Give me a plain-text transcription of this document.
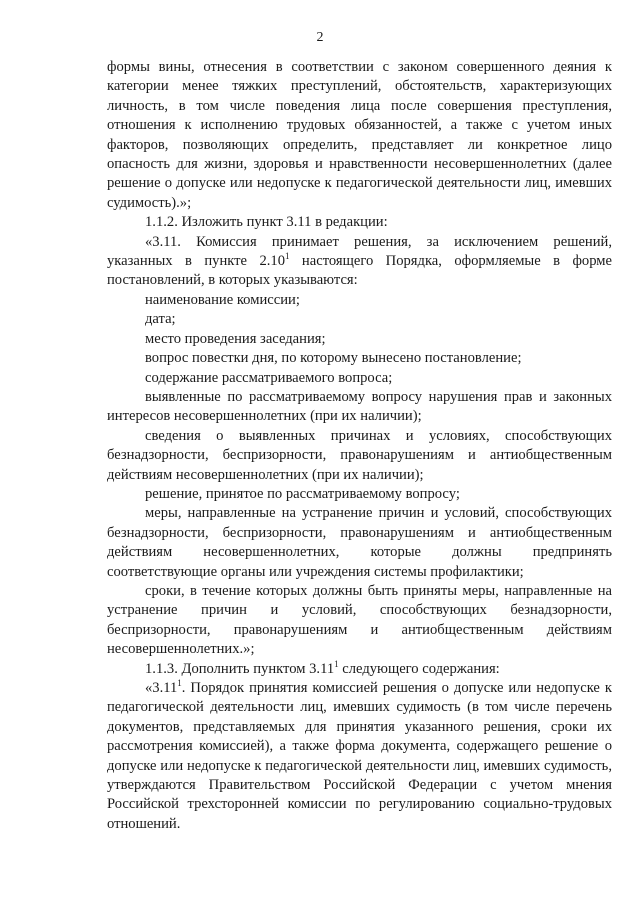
2

формы вины, отнесения в соответствии с законом совершенного деяния к категории менее тяжких преступлений, обстоятельств, характеризующих личность, в том числе поведения лица после совершения преступления, отношения к исполнению трудовых обязанностей, а также с учетом иных факторов, позволяющих определить, представляет ли конкретное лицо опасность для жизни, здоровья и нравственности несовершеннолетних (далее решение о допуске или недопуске к педагогической деятельности лиц, имевших судимость).»;

1.1.2. Изложить пункт 3.11 в редакции:

«3.11. Комиссия принимает решения, за исключением решений, указанных в пункте 2.10$^1$ настоящего Порядка, оформляемые в форме постановлений, в которых указываются:

наименование комиссии;

дата;

место проведения заседания;

вопрос повестки дня, по которому вынесено постановление;

содержание рассматриваемого вопроса;

выявленные по рассматриваемому вопросу нарушения прав и законных интересов несовершеннолетних (при их наличии);

сведения о выявленных причинах и условиях, способствующих безнадзорности, беспризорности, правонарушениям и антиобщественным действиям несовершеннолетних (при их наличии);

решение, принятое по рассматриваемому вопросу;

меры, направленные на устранение причин и условий, способствующих безнадзорности, беспризорности, правонарушениям и антиобщественным действиям несовершеннолетних, которые должны предпринять соответствующие органы или учреждения системы профилактики;

сроки, в течение которых должны быть приняты меры, направленные на устранение причин и условий, способствующих безнадзорности, беспризорности, правонарушениям и антиобщественным действиям несовершеннолетних.»;

1.1.3. Дополнить пунктом 3.11$^1$ следующего содержания:

«3.11$^1$. Порядок принятия комиссией решения о допуске или недопуске к педагогической деятельности лиц, имевших судимость (в том числе перечень документов, представляемых для принятия указанного решения, сроки их рассмотрения комиссией), а также форма документа, содержащего решение о допуске или недопуске к педагогической деятельности лиц, имевших судимость, утверждаются Правительством Российской Федерации с учетом мнения Российской трехсторонней комиссии по регулированию социально-трудовых отношений.
